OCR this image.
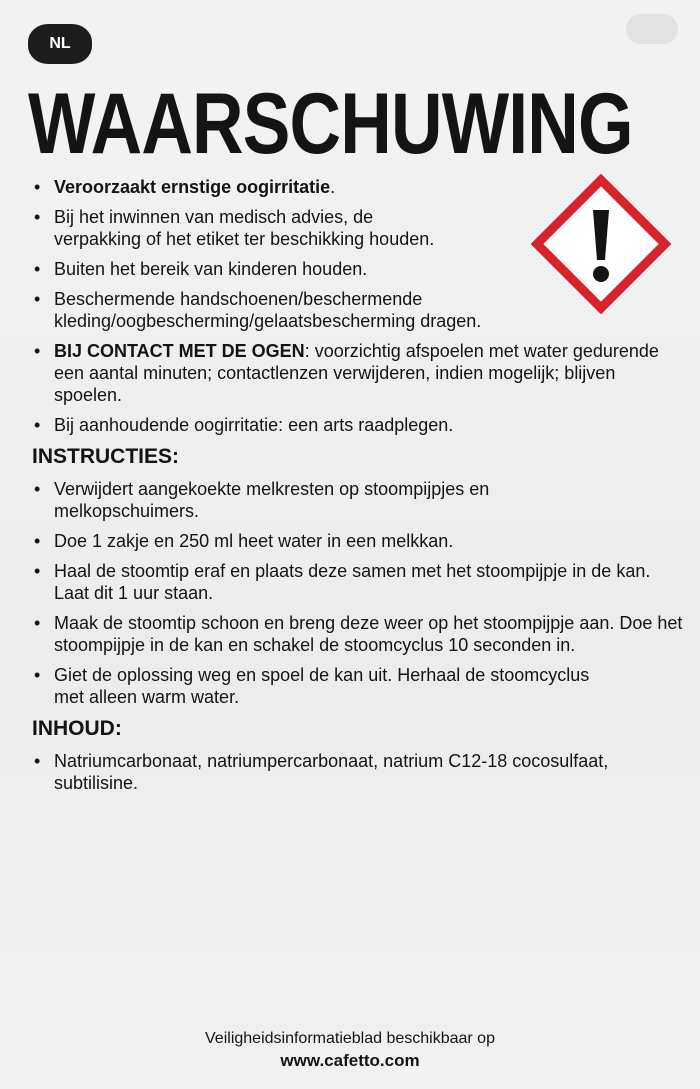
NL
WAARSCHUWING
• Veroorzaakt ernstige oogirritatie.
• Bij het inwinnen van medisch advies, de verpakking of het etiket ter beschikking houden.
• Buiten het bereik van kinderen houden.
• Beschermende handschoenen/beschermende kleding/oogbescherming/gelaatsbescherming dragen.
• BIJ CONTACT MET DE OGEN: voorzichtig afspoelen met water gedurende een aantal minuten; contactlenzen verwijderen, indien mogelijk; blijven spoelen.
• Bij aanhoudende oogirritatie: een arts raadplegen.
INSTRUCTIES:
• Verwijdert aangekoekte melkresten op stoompijpjes en melkopschuimers.
• Doe 1 zakje en 250 ml heet water in een melkkan.
• Haal de stoomtip eraf en plaats deze samen met het stoompijpje in de kan. Laat dit 1 uur staan.
• Maak de stoomtip schoon en breng deze weer op het stoompijpje aan. Doe het stoompijpje in de kan en schakel de stoomcyclus 10 seconden in.
• Giet de oplossing weg en spoel de kan uit. Herhaal de stoomcyclus met alleen warm water.
INHOUD:
• Natriumcarbonaat, natriumpercarbonaat, natrium C12-18 cocosulfaat, subtilisine.
Veiligheidsinformatieblad beschikbaar op
www.cafetto.com
